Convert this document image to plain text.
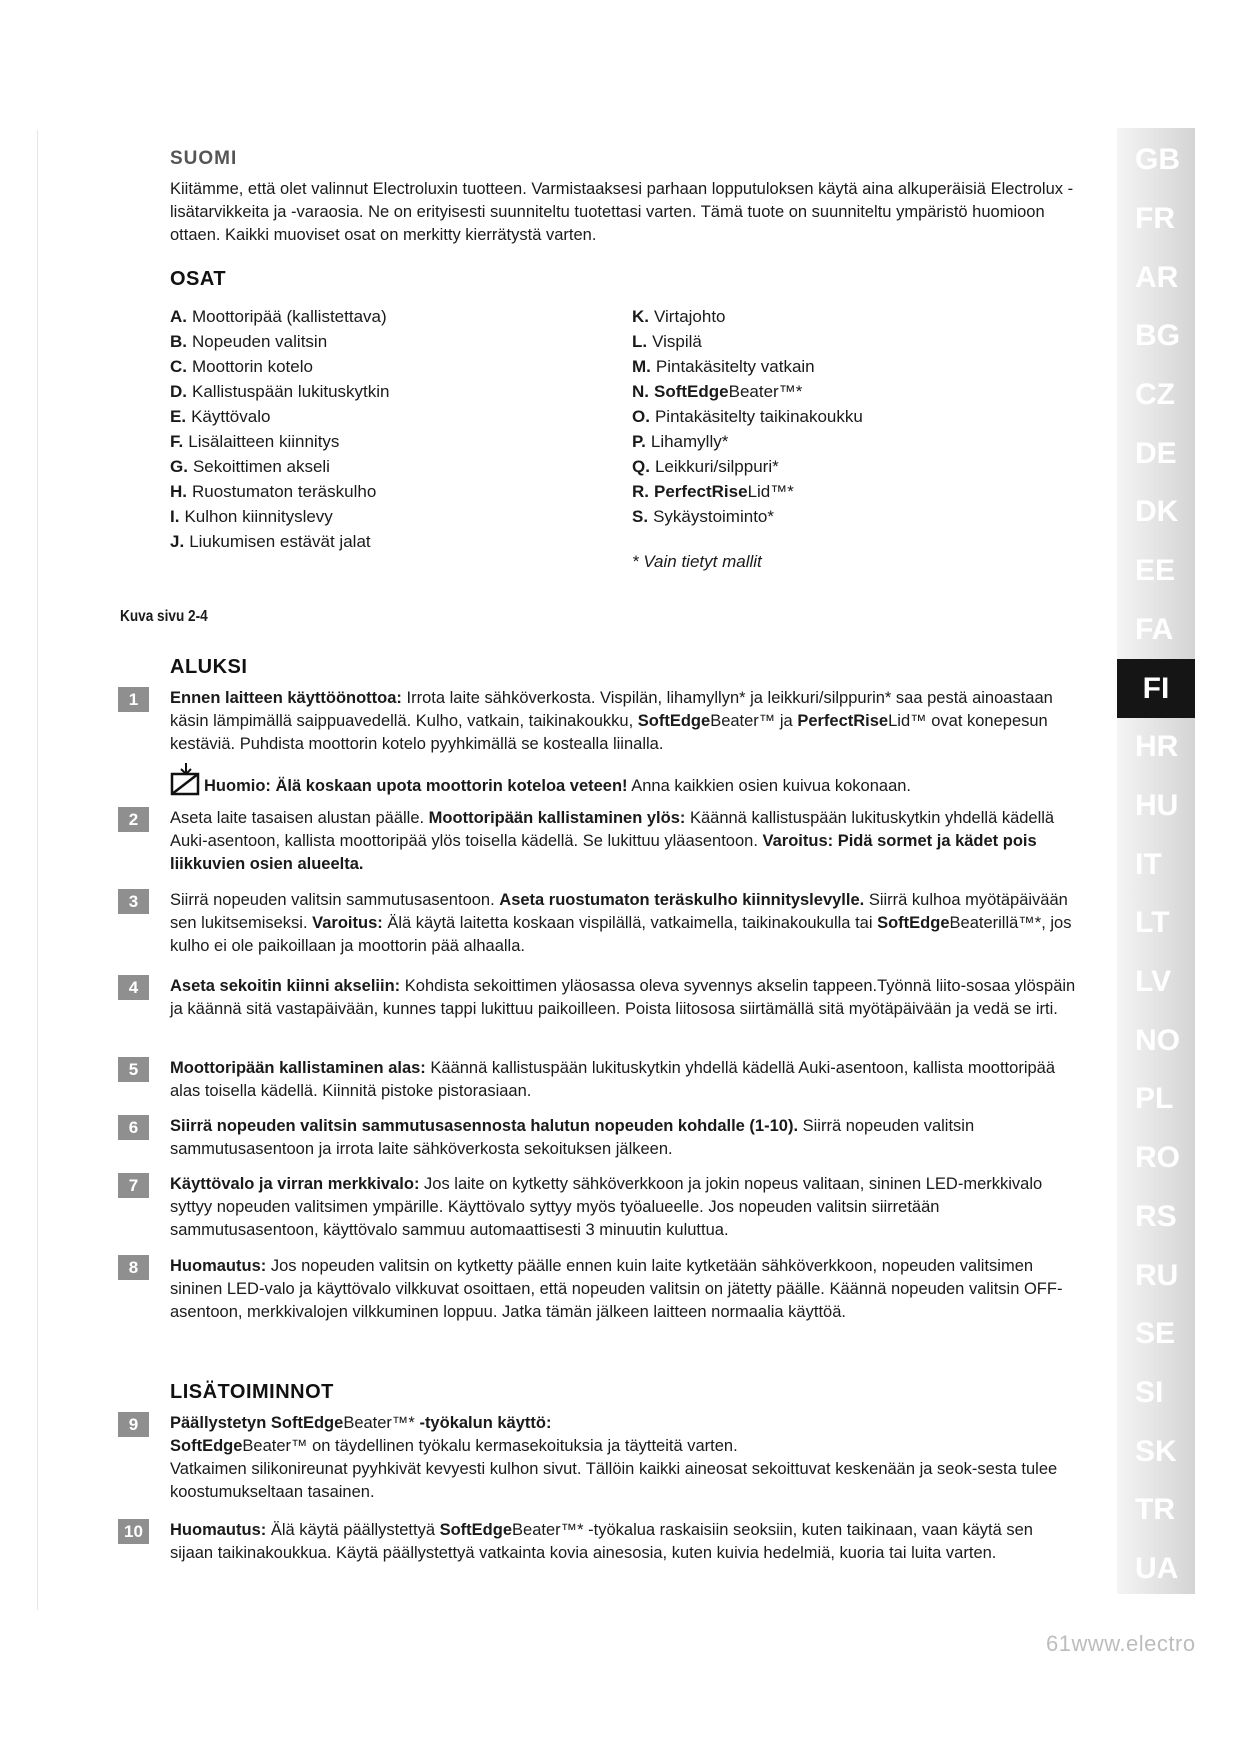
SUOMI
Kiitämme, että olet valinnut Electroluxin tuotteen. Varmistaaksesi parhaan lopputuloksen käytä aina alkuperäisiä Electrolux -lisätarvikkeita ja -varaosia. Ne on erityisesti suunniteltu tuotettasi varten. Tämä tuote on suunniteltu ympäristö huomioon ottaen. Kaikki muoviset osat on merkitty kierrätystä varten.
OSAT
A. Moottoripää (kallistettava)
B. Nopeuden valitsin
C. Moottorin kotelo
D. Kallistuspään lukituskytkin
E. Käyttövalo
F. Lisälaitteen kiinnitys
G. Sekoittimen akseli
H. Ruostumaton teräskulho
I. Kulhon kiinnityslevy
J. Liukumisen estävät jalat
K. Virtajohto
L. Vispilä
M. Pintakäsitelty vatkain
N. SoftEdgeBeater™*
O. Pintakäsitelty taikinakoukku
P. Lihamylly*
Q. Leikkuri/silppuri*
R. PerfectRiseLid™*
S. Sykäystoiminto*
* Vain tietyt mallit
Kuva sivu 2-4
ALUKSI
1	Ennen laitteen käyttöönottoa: Irrota laite sähköverkosta. Vispilän, lihamyllyn* ja leikkuri/silppurin* saa pestä ainoastaan käsin lämpimällä saippuavedellä. Kulho, vatkain, taikinakoukku, SoftEdgeBeater™ ja PerfectRiseLid™ ovat konepesun kestäviä. Puhdista moottorin kotelo pyyhkimällä se kostealla liinalla.
Huomio: Älä koskaan upota moottorin koteloa veteen! Anna kaikkien osien kuivua kokonaan.
2	Aseta laite tasaisen alustan päälle. Moottoripään kallistaminen ylös: Käännä kallistuspään lukituskytkin yhdellä kädellä Auki-asentoon, kallista moottoripää ylös toisella kädellä. Se lukittuu yläasentoon. Varoitus: Pidä sormet ja kädet pois liikkuvien osien alueelta.
3	Siirrä nopeuden valitsin sammutusasentoon. Aseta ruostumaton teräskulho kiinnityslevylle. Siirrä kulhoa myötäpäivään sen lukitsemiseksi. Varoitus: Älä käytä laitetta koskaan vispilällä, vatkaimella, taikinakoukulla tai SoftEdgeBeaterillä™*, jos kulho ei ole paikoillaan ja moottorin pää alhaalla.
4	Aseta sekoitin kiinni akseliin: Kohdista sekoittimen yläosassa oleva syvennys akselin tappeen.Työnnä liito-sosaa ylöspäin ja käännä sitä vastapäivään, kunnes tappi lukittuu paikoilleen. Poista liitososa siirtämällä sitä myötäpäivään ja vedä se irti.
5	Moottoripään kallistaminen alas: Käännä kallistuspään lukituskytkin yhdellä kädellä Auki-asentoon, kallista moottoripää alas toisella kädellä. Kiinnitä pistoke pistorasiaan.
6	Siirrä nopeuden valitsin sammutusasennosta halutun nopeuden kohdalle (1-10). Siirrä nopeuden valitsin sammutusasentoon ja irrota laite sähköverkosta sekoituksen jälkeen.
7	Käyttövalo ja virran merkkivalo: Jos laite on kytketty sähköverkkoon ja jokin nopeus valitaan, sininen LED-merkkivalo syttyy nopeuden valitsimen ympärille. Käyttövalo syttyy myös työalueelle. Jos nopeuden valitsin siirretään sammutusasentoon, käyttövalo sammuu automaattisesti 3 minuutin kuluttua.
8	Huomautus: Jos nopeuden valitsin on kytketty päälle ennen kuin laite kytketään sähköverkkoon, nopeuden valitsimen sininen LED-valo ja käyttövalo vilkkuvat osoittaen, että nopeuden valitsin on jätetty päälle. Käännä nopeuden valitsin OFF-asentoon, merkkivalojen vilkkuminen loppuu. Jatka tämän jälkeen laitteen normaalia käyttöä.
LISÄTOIMINNOT
9	Päällystetyn SoftEdgeBeater™* -työkalun käyttö:
SoftEdgeBeater™ on täydellinen työkalu kermasekoituksia ja täytteitä varten.
Vatkaimen silikonireunat pyyhkivät kevyesti kulhon sivut. Tällöin kaikki aineosat sekoittuvat keskenään ja seok-sesta tulee koostumukseltaan tasainen.
10	Huomautus: Älä käytä päällystettyä SoftEdgeBeater™* -työkalua raskaisiin seoksiin, kuten taikinaan, vaan käytä sen sijaan taikinakoukkua. Käytä päällystettyä vatkainta kovia ainesosia, kuten kuivia hedelmiä, kuoria tai luita varten.
GB
FR
AR
BG
CZ
DE
DK
EE
FA
FI
HR
HU
IT
LT
LV
NO
PL
RO
RS
RU
SE
SI
SK
TR
UA
61www.electro
